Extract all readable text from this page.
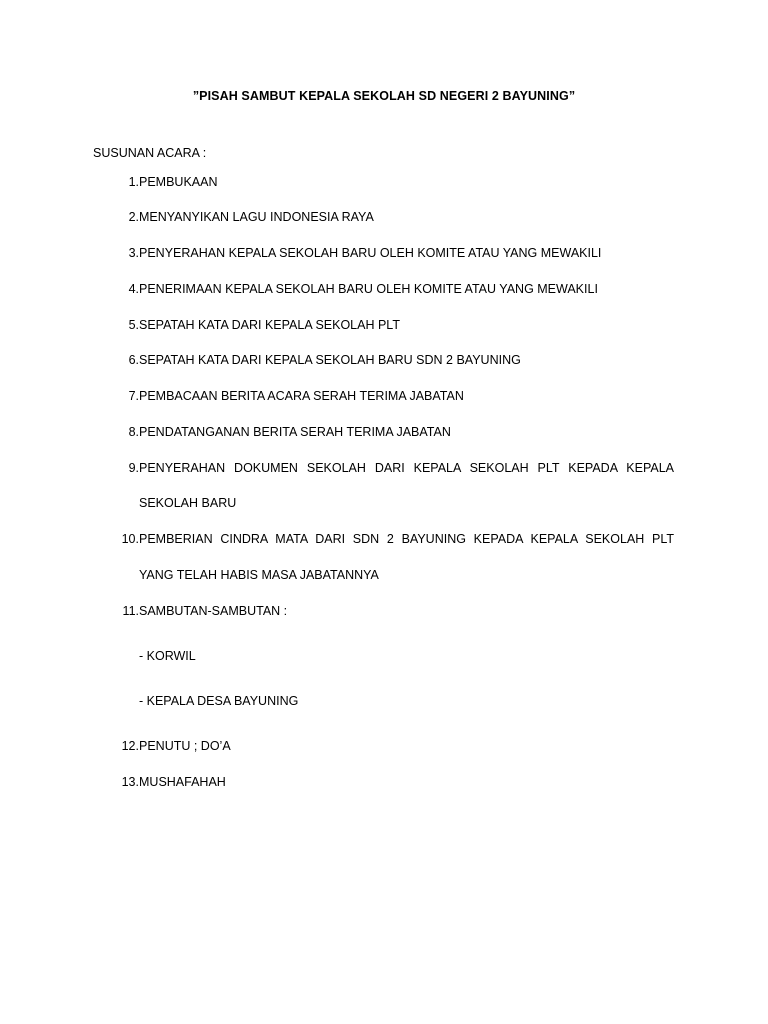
”PISAH SAMBUT KEPALA SEKOLAH SD NEGERI 2 BAYUNING”
SUSUNAN ACARA :
1. PEMBUKAAN
2. MENYANYIKAN LAGU INDONESIA RAYA
3. PENYERAHAN KEPALA SEKOLAH BARU OLEH KOMITE ATAU YANG MEWAKILI
4. PENERIMAAN KEPALA SEKOLAH BARU OLEH KOMITE ATAU YANG MEWAKILI
5. SEPATAH KATA DARI KEPALA SEKOLAH PLT
6. SEPATAH KATA DARI KEPALA SEKOLAH BARU SDN 2 BAYUNING
7. PEMBACAAN BERITA ACARA SERAH TERIMA JABATAN
8. PENDATANGANAN BERITA SERAH TERIMA JABATAN
9. PENYERAHAN DOKUMEN SEKOLAH DARI KEPALA SEKOLAH PLT KEPADA KEPALA
SEKOLAH BARU
10. PEMBERIAN CINDRA MATA DARI SDN 2 BAYUNING KEPADA KEPALA SEKOLAH PLT
YANG TELAH HABIS MASA JABATANNYA
11. SAMBUTAN-SAMBUTAN :
- KORWIL
- KEPALA DESA BAYUNING
12. PENUTU ; DO’A
13. MUSHAFAHAH
